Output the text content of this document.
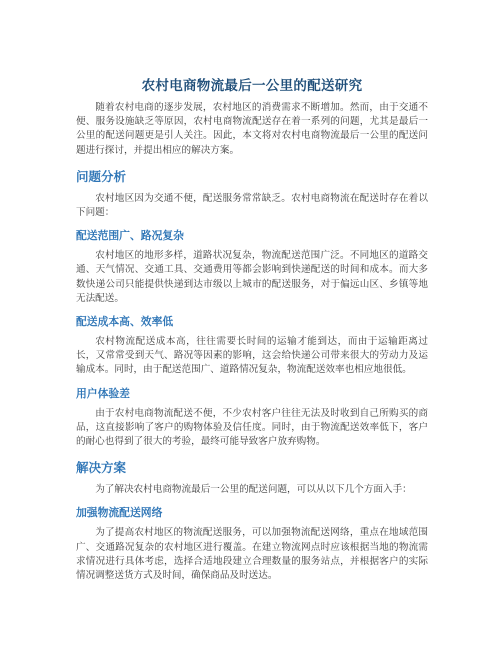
农村电商物流最后一公里的配送研究

随着农村电商的逐步发展，农村地区的消费需求不断增加。然而，由于交通不便、服务设施缺乏等原因，农村电商物流配送存在着一系列的问题，尤其是最后一公里的配送问题更是引人关注。因此，本文将对农村电商物流最后一公里的配送问题进行探讨，并提出相应的解决方案。

问题分析

农村地区因为交通不便，配送服务常常缺乏。农村电商物流在配送时存在着以下问题：

配送范围广、路况复杂

农村地区的地形多样，道路状况复杂，物流配送范围广泛。不同地区的道路交通、天气情况、交通工具、交通费用等都会影响到快递配送的时间和成本。而大多数快递公司只能提供快递到达市级以上城市的配送服务，对于偏远山区、乡镇等地无法配送。

配送成本高、效率低

农村物流配送成本高，往往需要长时间的运输才能到达，而由于运输距离过长，又常常受到天气、路况等因素的影响，这会给快递公司带来很大的劳动力及运输成本。同时，由于配送范围广、道路情况复杂，物流配送效率也相应地很低。

用户体验差

由于农村电商物流配送不便，不少农村客户往往无法及时收到自己所购买的商品，这直接影响了客户的购物体验及信任度。同时，由于物流配送效率低下，客户的耐心也得到了很大的考验，最终可能导致客户放弃购物。

解决方案

为了解决农村电商物流最后一公里的配送问题，可以从以下几个方面入手：

加强物流配送网络

为了提高农村地区的物流配送服务，可以加强物流配送网络，重点在地域范围广、交通路况复杂的农村地区进行覆盖。在建立物流网点时应该根据当地的物流需求情况进行具体考虑，选择合适地段建立合理数量的服务站点，并根据客户的实际情况调整送货方式及时间，确保商品及时送达。
